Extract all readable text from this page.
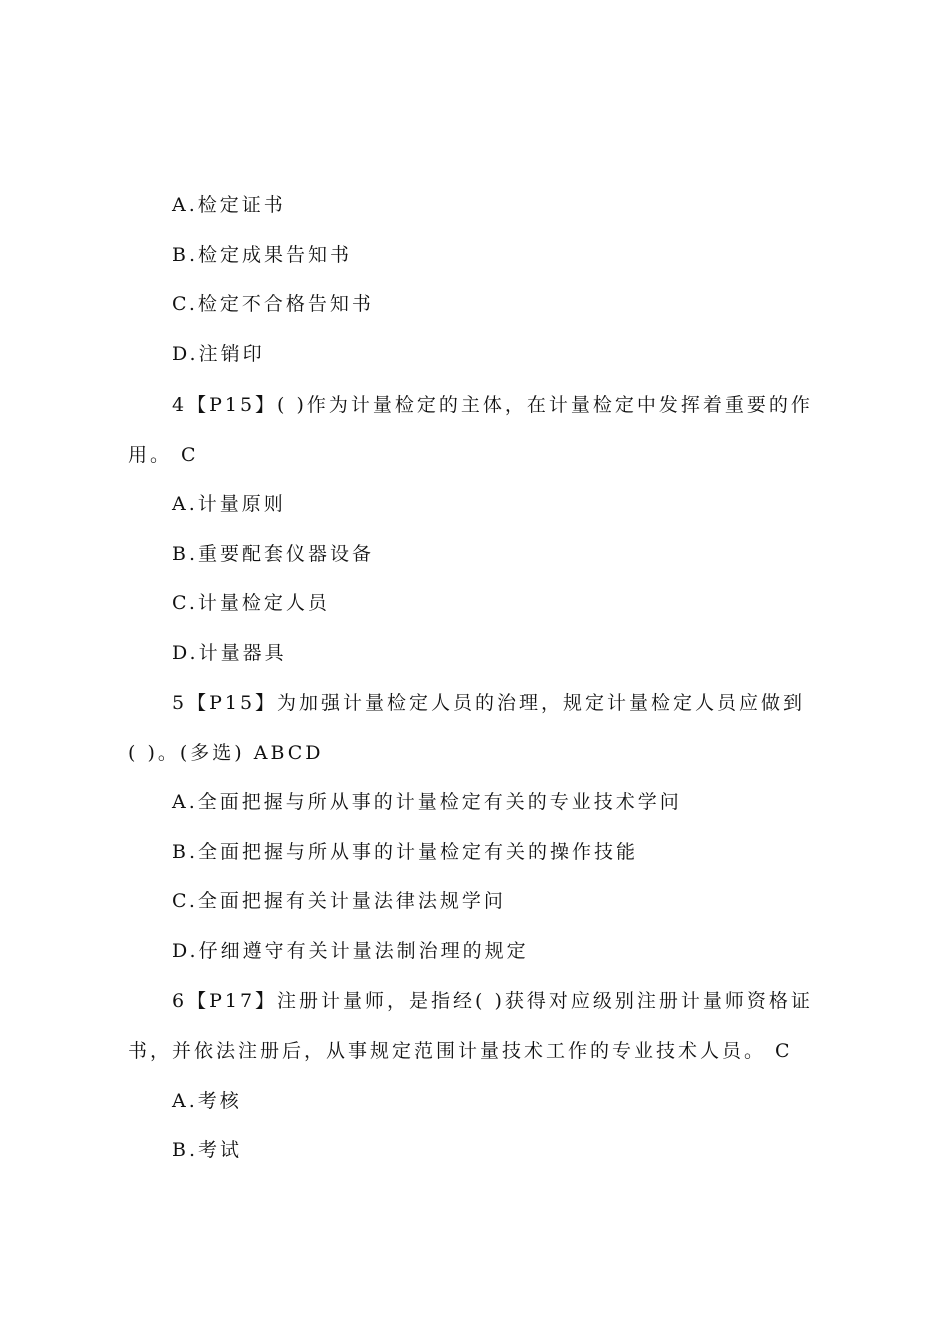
A.检定证书
B.检定成果告知书
C.检定不合格告知书
D.注销印
4【P15】( )作为计量检定的主体，在计量检定中发挥着重要的作
用。 C
A.计量原则
B.重要配套仪器设备
C.计量检定人员
D.计量器具
5【P15】为加强计量检定人员的治理，规定计量检定人员应做到
( )。(多选) ABCD
A.全面把握与所从事的计量检定有关的专业技术学问
B.全面把握与所从事的计量检定有关的操作技能
C.全面把握有关计量法律法规学问
D.仔细遵守有关计量法制治理的规定
6【P17】注册计量师，是指经( )获得对应级别注册计量师资格证
书，并依法注册后，从事规定范围计量技术工作的专业技术人员。 C
A.考核
B.考试
